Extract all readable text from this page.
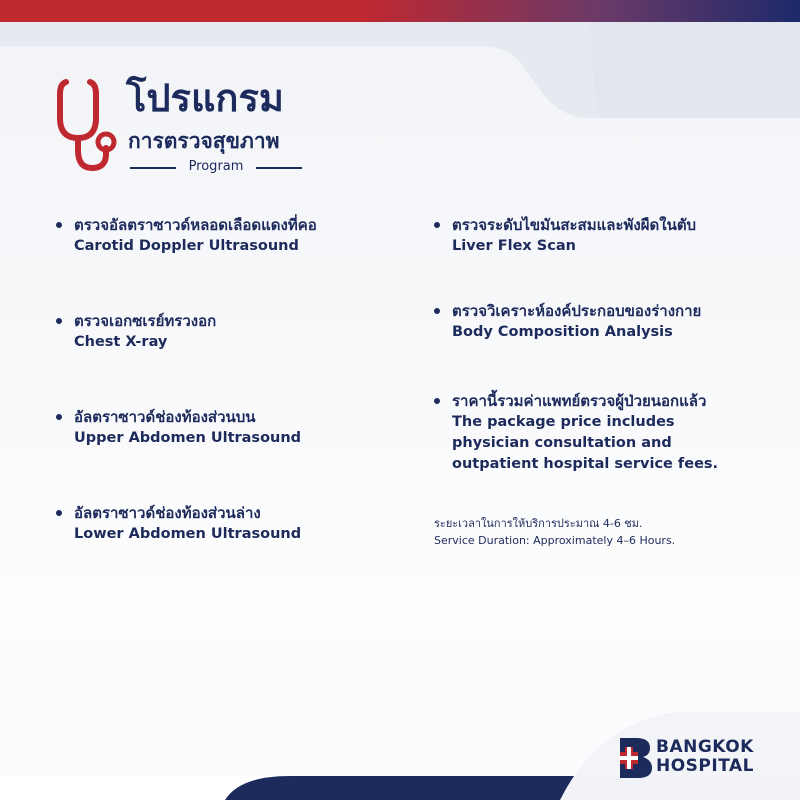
โปรแกรม
การตรวจสุขภาพ
Program
ตรวจอัลตราซาวด์หลอดเลือดแดงที่คอ
Carotid Doppler Ultrasound
ตรวจเอกซเรย์ทรวงอก
Chest X-ray
อัลตราซาวด์ช่องท้องส่วนบน
Upper Abdomen Ultrasound
อัลตราซาวด์ช่องท้องส่วนล่าง
Lower Abdomen Ultrasound
ตรวจระดับไขมันสะสมและพังผืดในตับ
Liver Flex Scan
ตรวจวิเคราะห์องค์ประกอบของร่างกาย
Body Composition Analysis
ราคานี้รวมค่าแพทย์ตรวจผู้ป่วยนอกแล้ว
The package price includes physician consultation and outpatient hospital service fees.
ระยะเวลาในการให้บริการประมาณ 4-6 ชม.
Service Duration: Approximately 4–6 Hours.
BANGKOK
HOSPITAL
